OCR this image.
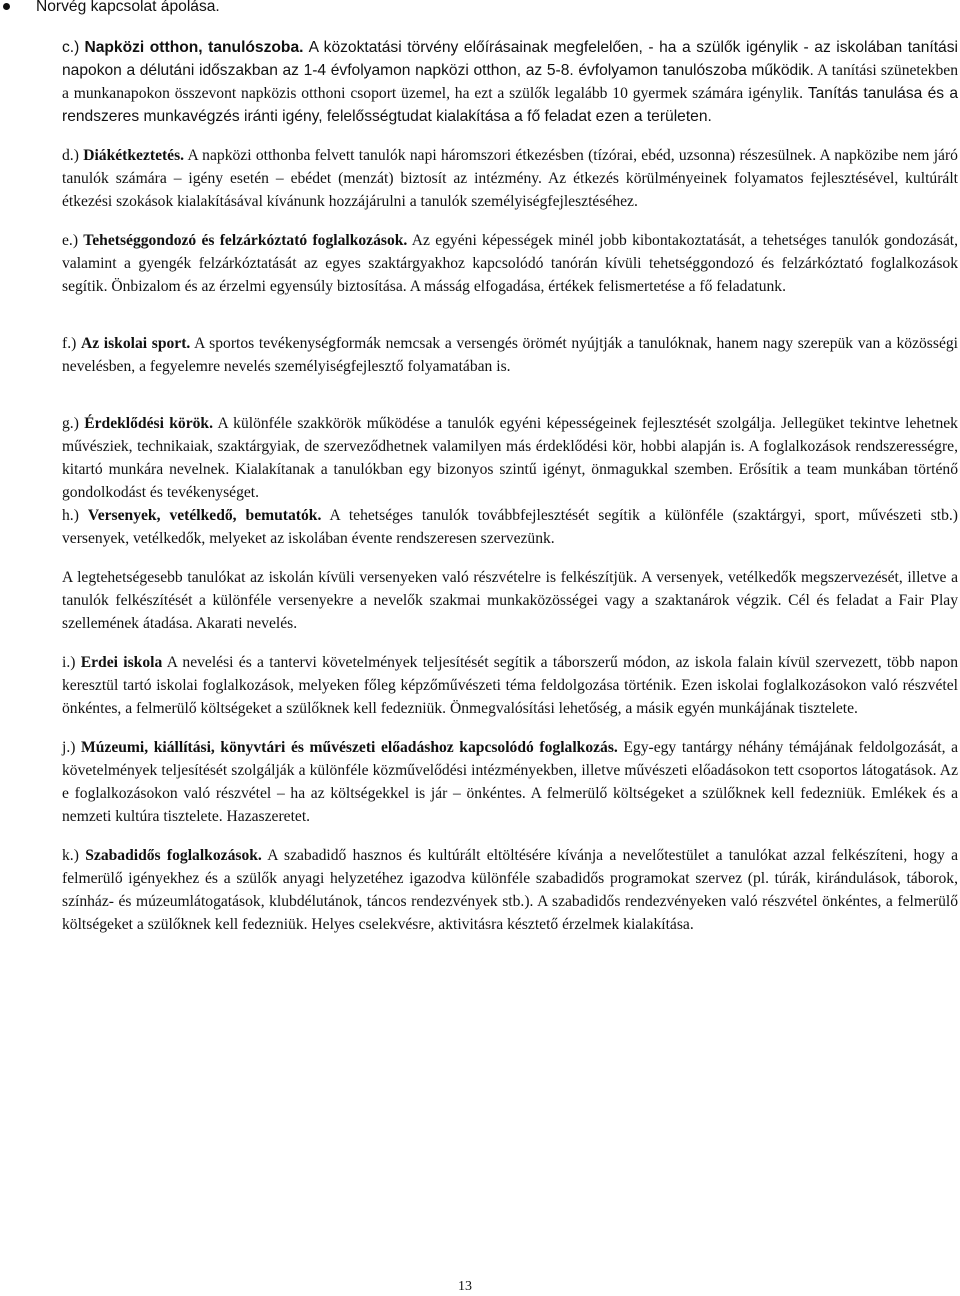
Norvég kapcsolat ápolása.

c.) Napközi otthon, tanulószoba. A közoktatási törvény előírásainak megfelelően, - ha a szülők igénylik - az iskolában tanítási napokon a délutáni időszakban az 1-4 évfolyamon napközi otthon, az 5-8. évfolyamon tanulószoba működik. A tanítási szünetekben a munkanapokon összevont napközis otthoni csoport üzemel, ha ezt a szülők legalább 10 gyermek számára igénylik. Tanítás tanulása és a rendszeres munkavégzés iránti igény, felelősségtudat kialakítása a fő feladat ezen a területen.

d.) Diákétkeztetés. A napközi otthonba felvett tanulók napi háromszori étkezésben (tízórai, ebéd, uzsonna) részesülnek. A napközibe nem járó tanulók számára – igény esetén – ebédet (menzát) biztosít az intézmény. Az étkezés körülményeinek folyamatos fejlesztésével, kultúrált étkezési szokások kialakításával kívánunk hozzájárulni a tanulók személyiségfejlesztéséhez.

e.) Tehetséggondozó és felzárkóztató foglalkozások. Az egyéni képességek minél jobb kibontakoztatását, a tehetséges tanulók gondozását, valamint a gyengék felzárkóztatását az egyes szaktárgyakhoz kapcsolódó tanórán kívüli tehetséggondozó és felzárkóztató foglalkozások segítik. Önbizalom és az érzelmi egyensúly biztosítása. A másság elfogadása, értékek felismertetése a fő feladatunk.

f.) Az iskolai sport. A sportos tevékenységformák nemcsak a versengés örömét nyújtják a tanulóknak, hanem nagy szerepük van a közösségi nevelésben, a fegyelemre nevelés személyiségfejlesztő folyamatában is.

g.) Érdeklődési körök. A különféle szakkörök működése a tanulók egyéni képességeinek fejlesztését szolgálja. Jellegüket tekintve lehetnek művésziek, technikaiak, szaktárgyiak, de szerveződhetnek valamilyen más érdeklődési kör, hobbi alapján is. A foglalkozások rendszerességre, kitartó munkára nevelnek. Kialakítanak a tanulókban egy bizonyos szintű igényt, önmagukkal szemben. Erősítik a team munkában történő gondolkodást és tevékenységet.

h.) Versenyek, vetélkedő, bemutatók. A tehetséges tanulók továbbfejlesztését segítik a különféle (szaktárgyi, sport, művészeti stb.) versenyek, vetélkedők, melyeket az iskolában évente rendszeresen szervezünk.

A legtehetségesebb tanulókat az iskolán kívüli versenyeken való részvételre is felkészítjük. A versenyek, vetélkedők megszervezését, illetve a tanulók felkészítését a különféle versenyekre a nevelők szakmai munkaközösségei vagy a szaktanárok végzik. Cél és feladat a Fair Play szellemének átadása. Akarati nevelés.

i.) Erdei iskola A nevelési és a tantervi követelmények teljesítését segítik a táborszerű módon, az iskola falain kívül szervezett, több napon keresztül tartó iskolai foglalkozások, melyeken főleg képzőművészeti téma feldolgozása történik. Ezen iskolai foglalkozásokon való részvétel önkéntes, a felmerülő költségeket a szülőknek kell fedezniük. Önmegvalósítási lehetőség, a másik egyén munkájának tisztelete.

j.) Múzeumi, kiállítási, könyvtári és művészeti előadáshoz kapcsolódó foglalkozás. Egy-egy tantárgy néhány témájának feldolgozását, a követelmények teljesítését szolgálják a különféle közművelődési intézményekben, illetve művészeti előadásokon tett csoportos látogatások. Az e foglalkozásokon való részvétel – ha az költségekkel is jár – önkéntes. A felmerülő költségeket a szülőknek kell fedezniük. Emlékek és a nemzeti kultúra tisztelete. Hazaszeretet.

k.) Szabadidős foglalkozások. A szabadidő hasznos és kultúrált eltöltésére kívánja a nevelőtestület a tanulókat azzal felkészíteni, hogy a felmerülő igényekhez és a szülők anyagi helyzetéhez igazodva különféle szabadidős programokat szervez (pl. túrák, kirándulások, táborok, színház- és múzeumlátogatások, klubdélutánok, táncos rendezvények stb.). A szabadidős rendezvényeken való részvétel önkéntes, a felmerülő költségeket a szülőknek kell fedezniük. Helyes cselekvésre, aktivitásra késztető érzelmek kialakítása.

13
